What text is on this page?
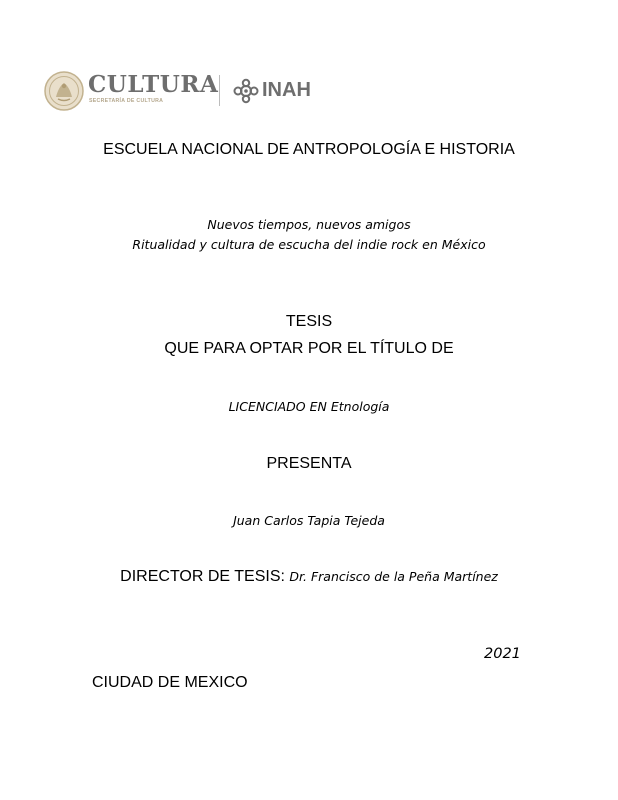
CULTURA
SECRETARÍA DE CULTURA	INAH
ESCUELA NACIONAL DE ANTROPOLOGÍA E HISTORIA
Nuevos tiempos, nuevos amigos
Ritualidad y cultura de escucha del indie rock en México
TESIS
QUE PARA OPTAR POR EL TÍTULO DE
LICENCIADO EN Etnología
PRESENTA
Juan Carlos Tapia Tejeda
DIRECTOR DE TESIS: Dr. Francisco de la Peña Martínez
2021
CIUDAD DE MEXICO
